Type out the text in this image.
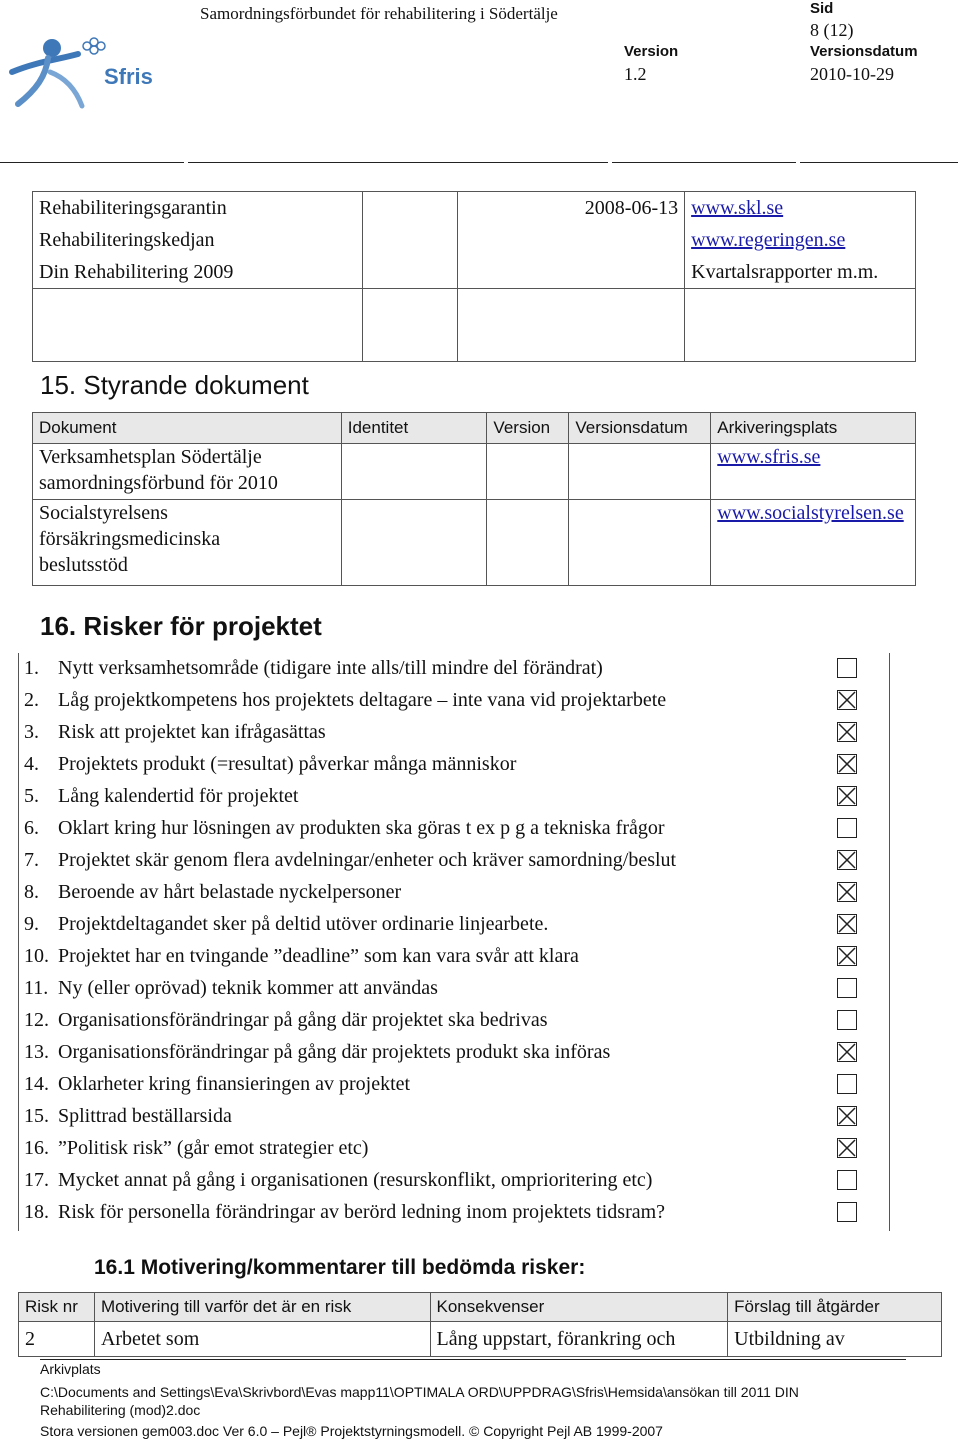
Sfris
Samordningsförbundet för rehabilitering i Södertälje	Sid
8 (12)
Version
1.2
Versionsdatum
2010-10-29
Rehabiliteringsgarantin		2008-06-13	www.skl.se
Rehabiliteringskedjan			www.regeringen.se
Din Rehabilitering 2009			Kvartalsrapporter m.m.

15. Styrande dokument
Dokument	Identitet	Version	Versionsdatum	Arkiveringsplats
Verksamhetsplan Södertälje samordningsförbund för 2010				www.sfris.se
Socialstyrelsens försäkringsmedicinska beslutsstöd				www.socialstyrelsen.se
16. Risker för projektet
1. Nytt verksamhetsområde (tidigare inte alls/till mindre del förändrat)
2. Låg projektkompetens hos projektets deltagare – inte vana vid projektarbete
3. Risk att projektet kan ifrågasättas
4. Projektets produkt (=resultat) påverkar många människor
5. Lång kalendertid för projektet
6. Oklart kring hur lösningen av produkten ska göras t ex p g a tekniska frågor
7. Projektet skär genom flera avdelningar/enheter och kräver samordning/beslut
8. Beroende av hårt belastade nyckelpersoner
9. Projektdeltagandet sker på deltid utöver ordinarie linjearbete.
10. Projektet har en tvingande ”deadline” som kan vara svår att klara
11. Ny (eller oprövad) teknik kommer att användas
12. Organisationsförändringar på gång där projektet ska bedrivas
13. Organisationsförändringar på gång där projektets produkt ska införas
14. Oklarheter kring finansieringen av projektet
15. Splittrad beställarsida
16. ”Politisk risk” (går emot strategier etc)
17. Mycket annat på gång i organisationen (resurskonflikt, omprioritering etc)
18. Risk för personella förändringar av berörd ledning inom projektets tidsram?
16.1 Motivering/kommentarer till bedömda risker:
Risk nr	Motivering till varför det är en risk	Konsekvenser	Förslag till åtgärder
2	Arbetet som	Lång uppstart, förankring och	Utbildning av
Arkivplats
C:\Documents and Settings\Eva\Skrivbord\Evas mapp11\OPTIMALA ORD\UPPDRAG\Sfris\Hemsida\ansökan till 2011 DIN
Rehabilitering (mod)2.doc
Stora versionen gem003.doc Ver 6.0 – Pejl® Projektstyrningsmodell. © Copyright Pejl AB 1999-2007
